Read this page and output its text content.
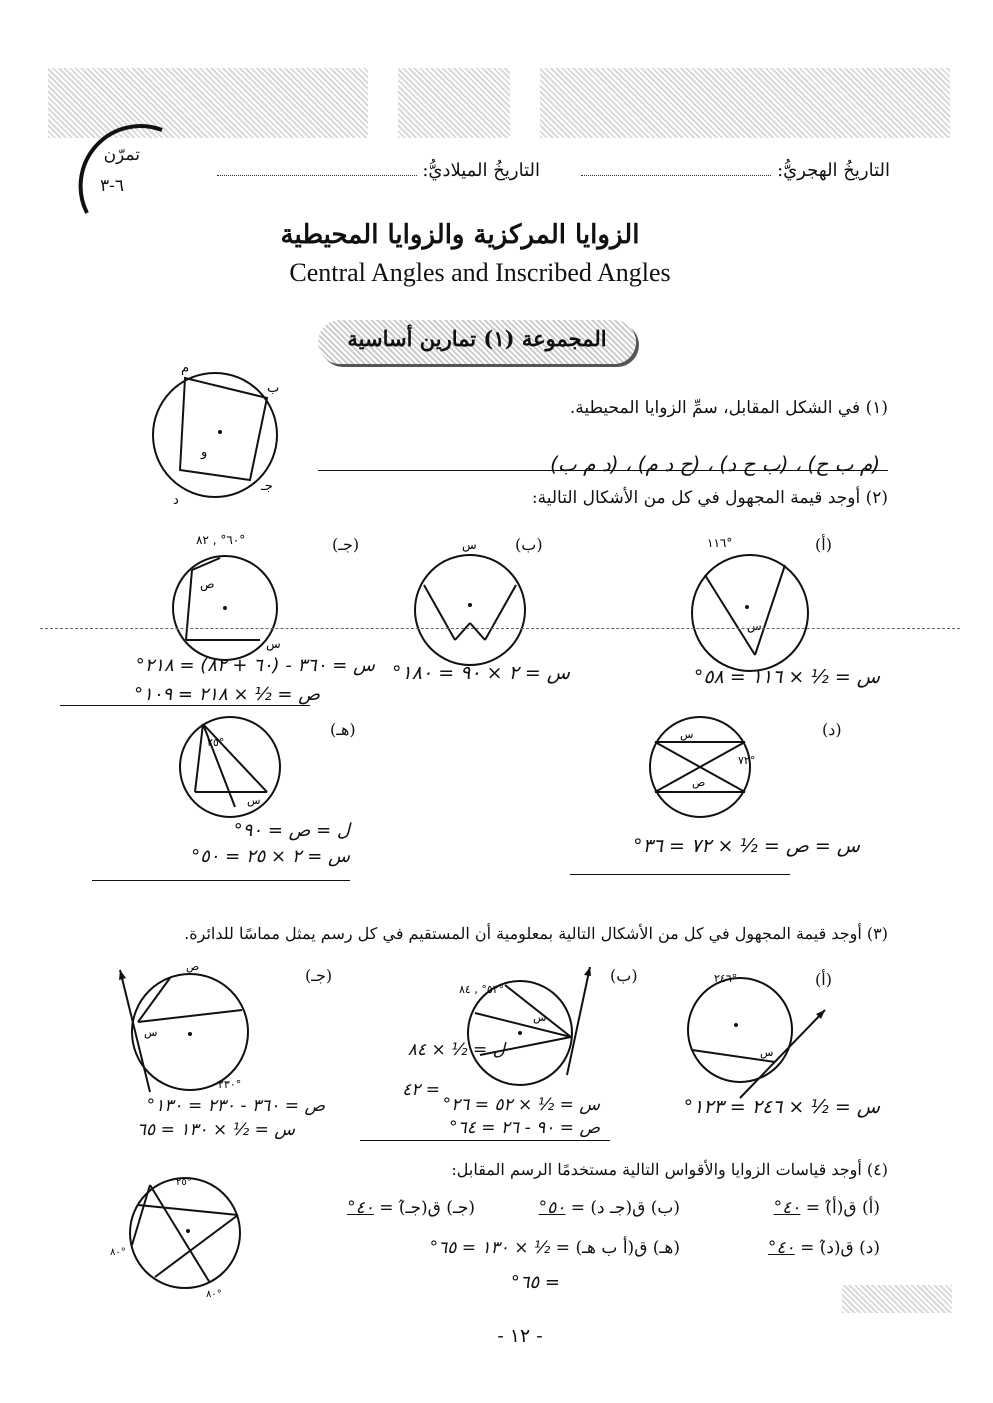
تمرّن
٦-٣
التاريخُ الهجريُّ:
التاريخُ الميلاديُّ:
الزوايا المركزية والزوايا المحيطية
Central Angles and Inscribed Angles
المجموعة (١) تمارين أساسية
(١) في الشكل المقابل، سمِّ الزوايا المحيطية.
(م ب ح) ، (ب ح د) ، (ح د م) ، (د م ب)
م
ب
جـ
د
و
(٢) أوجد قيمة المجهول في كل من الأشكال التالية:
(أ)
١١٦°
س
س = ½ × ١١٦ = ٥٨°
(ب)
س
س = ٢ × ٩٠ = ١٨٠°
(جـ)
٦٠° , ٨٢°
ص
س
س = ٣٦٠ - (٦٠ + ٨٢) = ٢١٨°
ص = ½ × ٢١٨ = ١٠٩°
(د)
٧٢°
س
ص
س = ص = ½ × ٧٢ = ٣٦°
(هـ)
٢٥°
س
ل = ص = ٩٠°
س = ٢ × ٢٥ = ٥٠°
(٣) أوجد قيمة المجهول في كل من الأشكال التالية بمعلومية أن المستقيم في كل رسم يمثل مماسًا للدائرة.
(أ)
٢٤٦°
س
س = ½ × ٢٤٦ = ١٢٣°
(ب)
٥٢° , ٨٤°
س
ل = ½ × ٨٤
= ٤٢
س = ½ × ٥٢ = ٢٦°
ص = ٩٠ - ٢٦ = ٦٤°
(جـ)
٢٣٠°
س
ص
ص = ٣٦٠ - ٢٣٠ = ١٣٠°
س = ½ × ١٣٠ = ٦٥
(٤) أوجد قياسات الزوايا والأقواس التالية مستخدمًا الرسم المقابل:
٢٥°
٨٠°
٨٠°
(أ) ق(أ̂) = ٤٠°
(ب) ق(جـ د) = ٥٠°
(جـ) ق(جـ̂) = ٤٠°
(د) ق(د̂) = ٤٠°
(هـ) ق(أ ب هـ) = ½ × ١٣٠ = ٦٥°
= ٦٥°
- ١٢ -
